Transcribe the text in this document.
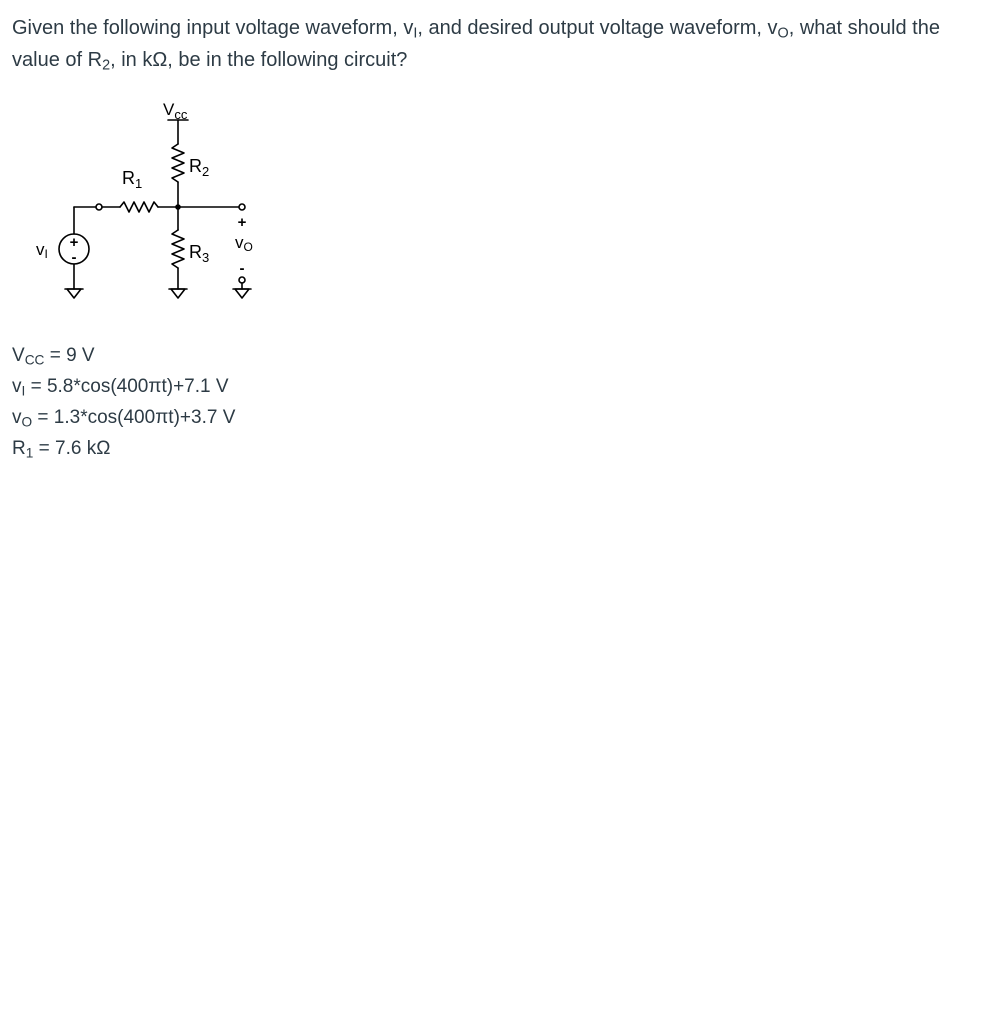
Given the following input voltage waveform, $v_I$, and desired output voltage waveform, $v_O$, what should the value of $R_2$, in kΩ, be in the following circuit?
$V_{cc}$
$R_2$
$R_1$
$R_3$
vI
vO
+
-
+
-
$V_{CC} = 9$ V
$v_I = 5.8*\cos(400\pi t)+7.1$ V
$v_O = 1.3*\cos(400\pi t)+3.7$ V
$R_1 = 7.6$ kΩ
